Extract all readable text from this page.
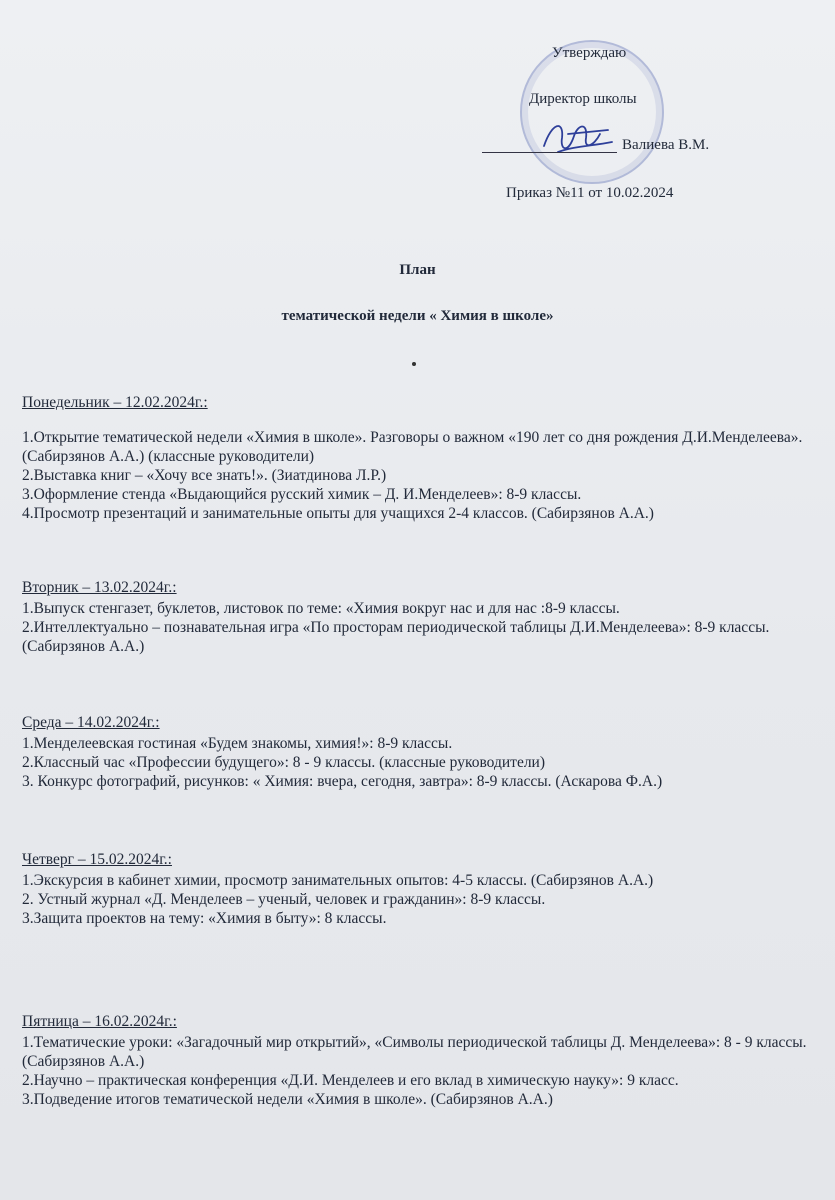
Утверждаю
Директор школы
Валиева В.М.
Приказ №11 от 10.02.2024
План
тематической недели « Химия в школе»
Понедельник – 12.02.2024г.:

1.Открытие тематической недели «Химия в школе». Разговоры о важном «190 лет со дня рождения Д.И.Менделеева». (Сабирзянов А.А.) (классные руководители)

2.Выставка книг – «Хочу все знать!». (Зиатдинова Л.Р.)

3.Оформление стенда «Выдающийся русский химик – Д. И.Менделеев»: 8-9 классы.

4.Просмотр презентаций и занимательные опыты для учащихся 2-4 классов. (Сабирзянов А.А.)

Вторник – 13.02.2024г.:

1.Выпуск стенгазет, буклетов, листовок по теме: «Химия вокруг нас и для нас :8-9 классы.

2.Интеллектуально – познавательная игра «По просторам периодической таблицы Д.И.Менделеева»: 8-9 классы. (Сабирзянов А.А.)

Среда – 14.02.2024г.:

1.Менделеевская гостиная «Будем знакомы, химия!»: 8-9 классы.

2.Классный час «Профессии будущего»: 8 - 9 классы. (классные руководители)

3. Конкурс фотографий, рисунков: « Химия: вчера, сегодня, завтра»: 8-9 классы. (Аскарова Ф.А.)

Четверг – 15.02.2024г.:

1.Экскурсия в кабинет химии, просмотр занимательных опытов: 4-5 классы. (Сабирзянов А.А.)

2. Устный журнал «Д. Менделеев – ученый, человек и гражданин»: 8-9 классы.

3.Защита проектов на тему: «Химия в быту»: 8 классы.

Пятница – 16.02.2024г.:

1.Тематические уроки: «Загадочный мир открытий», «Символы периодической таблицы Д. Менделеева»: 8 - 9 классы. (Сабирзянов А.А.)

2.Научно – практическая конференция «Д.И. Менделеев и его вклад в химическую науку»: 9 класс.

3.Подведение итогов тематической недели «Химия в школе». (Сабирзянов А.А.)
